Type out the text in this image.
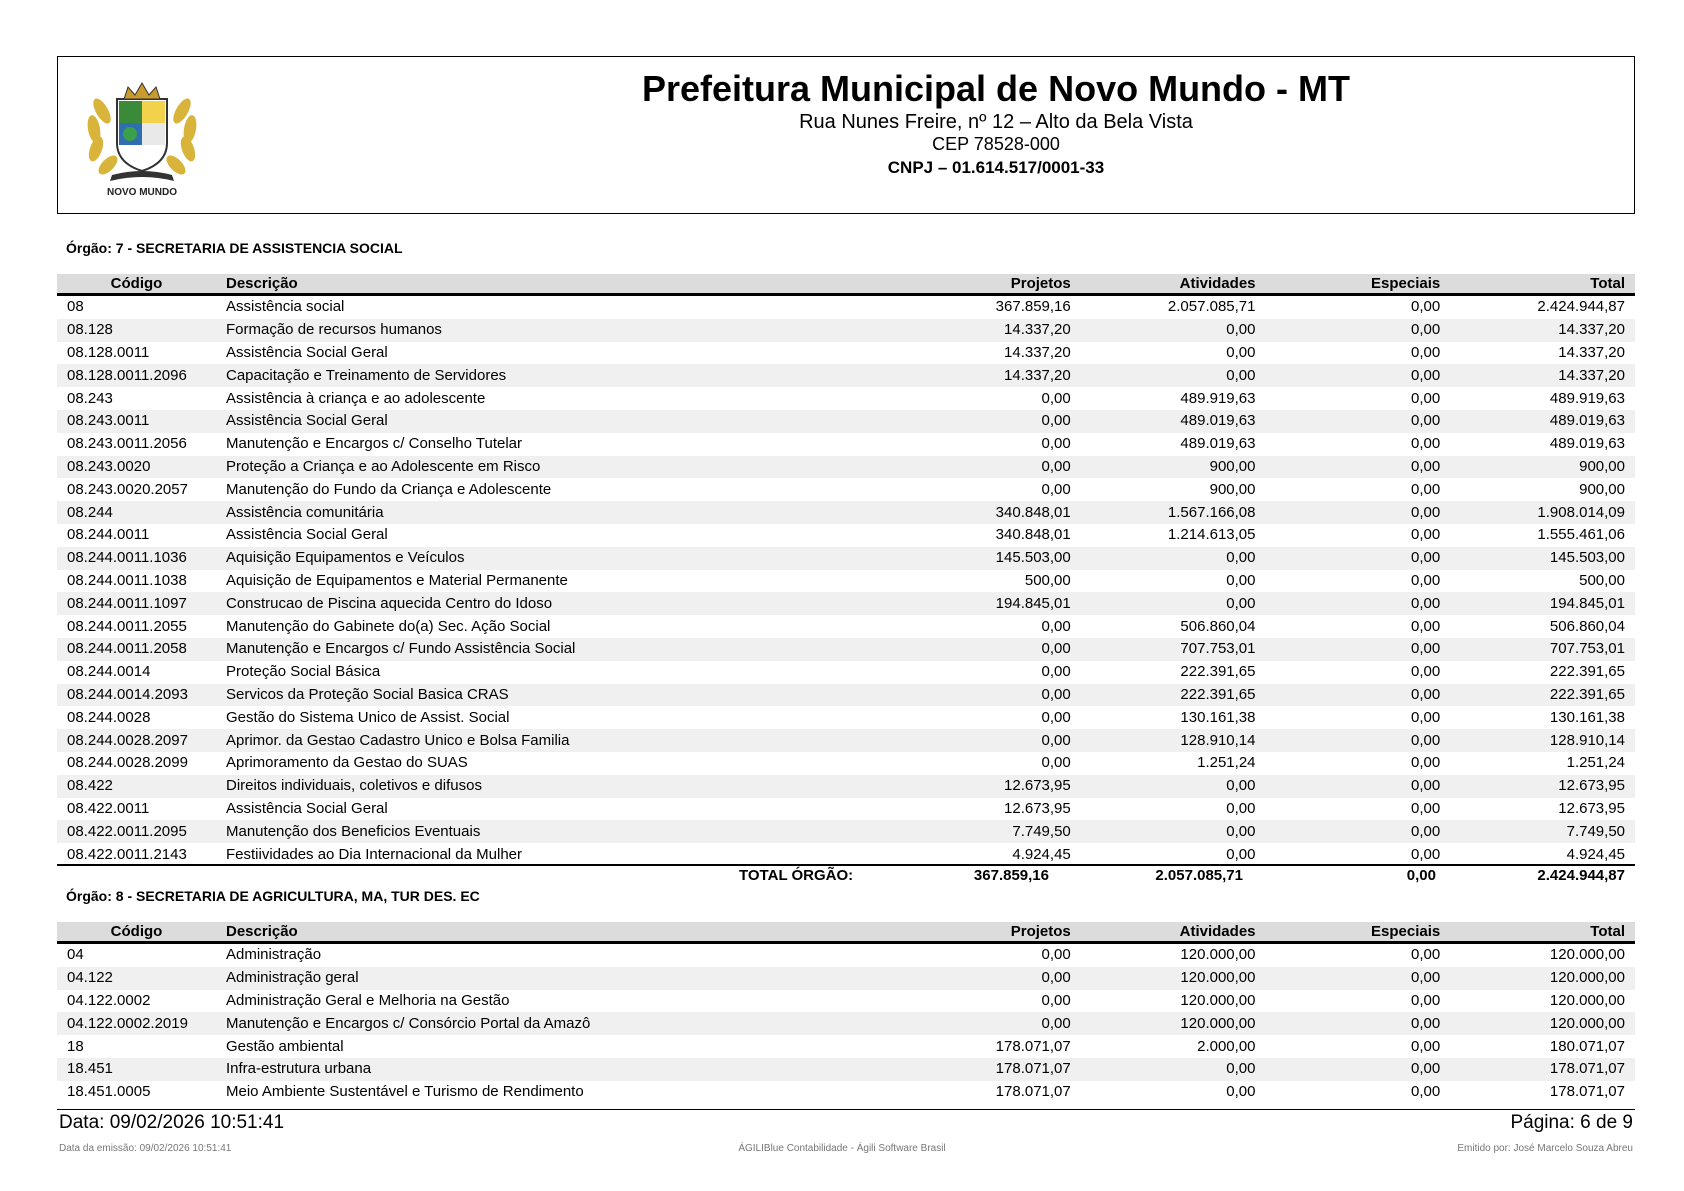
NOVO MUNDO
Prefeitura Municipal de Novo Mundo - MT
Rua Nunes Freire, nº 12 – Alto da Bela Vista
CEP 78528-000
CNPJ – 01.614.517/0001-33
Órgão: 7 - SECRETARIA DE ASSISTENCIA SOCIAL
Código	Descrição	Projetos	Atividades	Especiais	Total
08	Assistência social	367.859,16	2.057.085,71	0,00	2.424.944,87
08.128	Formação de recursos humanos	14.337,20	0,00	0,00	14.337,20
08.128.0011	Assistência Social Geral	14.337,20	0,00	0,00	14.337,20
08.128.0011.2096	Capacitação e Treinamento de Servidores	14.337,20	0,00	0,00	14.337,20
08.243	Assistência à criança e ao adolescente	0,00	489.919,63	0,00	489.919,63
08.243.0011	Assistência Social Geral	0,00	489.019,63	0,00	489.019,63
08.243.0011.2056	Manutenção e Encargos c/ Conselho Tutelar	0,00	489.019,63	0,00	489.019,63
08.243.0020	Proteção a Criança e ao Adolescente em Risco	0,00	900,00	0,00	900,00
08.243.0020.2057	Manutenção do Fundo da Criança e Adolescente	0,00	900,00	0,00	900,00
08.244	Assistência comunitária	340.848,01	1.567.166,08	0,00	1.908.014,09
08.244.0011	Assistência Social Geral	340.848,01	1.214.613,05	0,00	1.555.461,06
08.244.0011.1036	Aquisição Equipamentos e Veículos	145.503,00	0,00	0,00	145.503,00
08.244.0011.1038	Aquisição de Equipamentos e Material Permanente	500,00	0,00	0,00	500,00
08.244.0011.1097	Construcao de Piscina aquecida Centro do Idoso	194.845,01	0,00	0,00	194.845,01
08.244.0011.2055	Manutenção do Gabinete do(a) Sec. Ação Social	0,00	506.860,04	0,00	506.860,04
08.244.0011.2058	Manutenção e Encargos c/ Fundo Assistência Social	0,00	707.753,01	0,00	707.753,01
08.244.0014	Proteção Social Básica	0,00	222.391,65	0,00	222.391,65
08.244.0014.2093	Servicos da Proteção Social Basica CRAS	0,00	222.391,65	0,00	222.391,65
08.244.0028	Gestão do Sistema Unico de Assist. Social	0,00	130.161,38	0,00	130.161,38
08.244.0028.2097	Aprimor. da Gestao Cadastro Unico e Bolsa Familia	0,00	128.910,14	0,00	128.910,14
08.244.0028.2099	Aprimoramento da Gestao do SUAS	0,00	1.251,24	0,00	1.251,24
08.422	Direitos individuais, coletivos e difusos	12.673,95	0,00	0,00	12.673,95
08.422.0011	Assistência Social Geral	12.673,95	0,00	0,00	12.673,95
08.422.0011.2095	Manutenção dos Beneficios Eventuais	7.749,50	0,00	0,00	7.749,50
08.422.0011.2143	Festiividades ao Dia Internacional da Mulher	4.924,45	0,00	0,00	4.924,45
TOTAL ÓRGÃO:	367.859,16	2.057.085,71	0,00	2.424.944,87
Órgão: 8 - SECRETARIA DE AGRICULTURA, MA, TUR DES. EC
Código	Descrição	Projetos	Atividades	Especiais	Total
04	Administração	0,00	120.000,00	0,00	120.000,00
04.122	Administração geral	0,00	120.000,00	0,00	120.000,00
04.122.0002	Administração Geral e Melhoria na Gestão	0,00	120.000,00	0,00	120.000,00
04.122.0002.2019	Manutenção e Encargos c/ Consórcio Portal da Amazô	0,00	120.000,00	0,00	120.000,00
18	Gestão ambiental	178.071,07	2.000,00	0,00	180.071,07
18.451	Infra-estrutura urbana	178.071,07	0,00	0,00	178.071,07
18.451.0005	Meio Ambiente Sustentável e Turismo de Rendimento	178.071,07	0,00	0,00	178.071,07
Data: 09/02/2026 10:51:41	Página: 6 de 9
Data da emissão: 09/02/2026 10:51:41	ÁGILIBlue Contabilidade - Ágili Software Brasil	Emitido por: José Marcelo Souza Abreu
